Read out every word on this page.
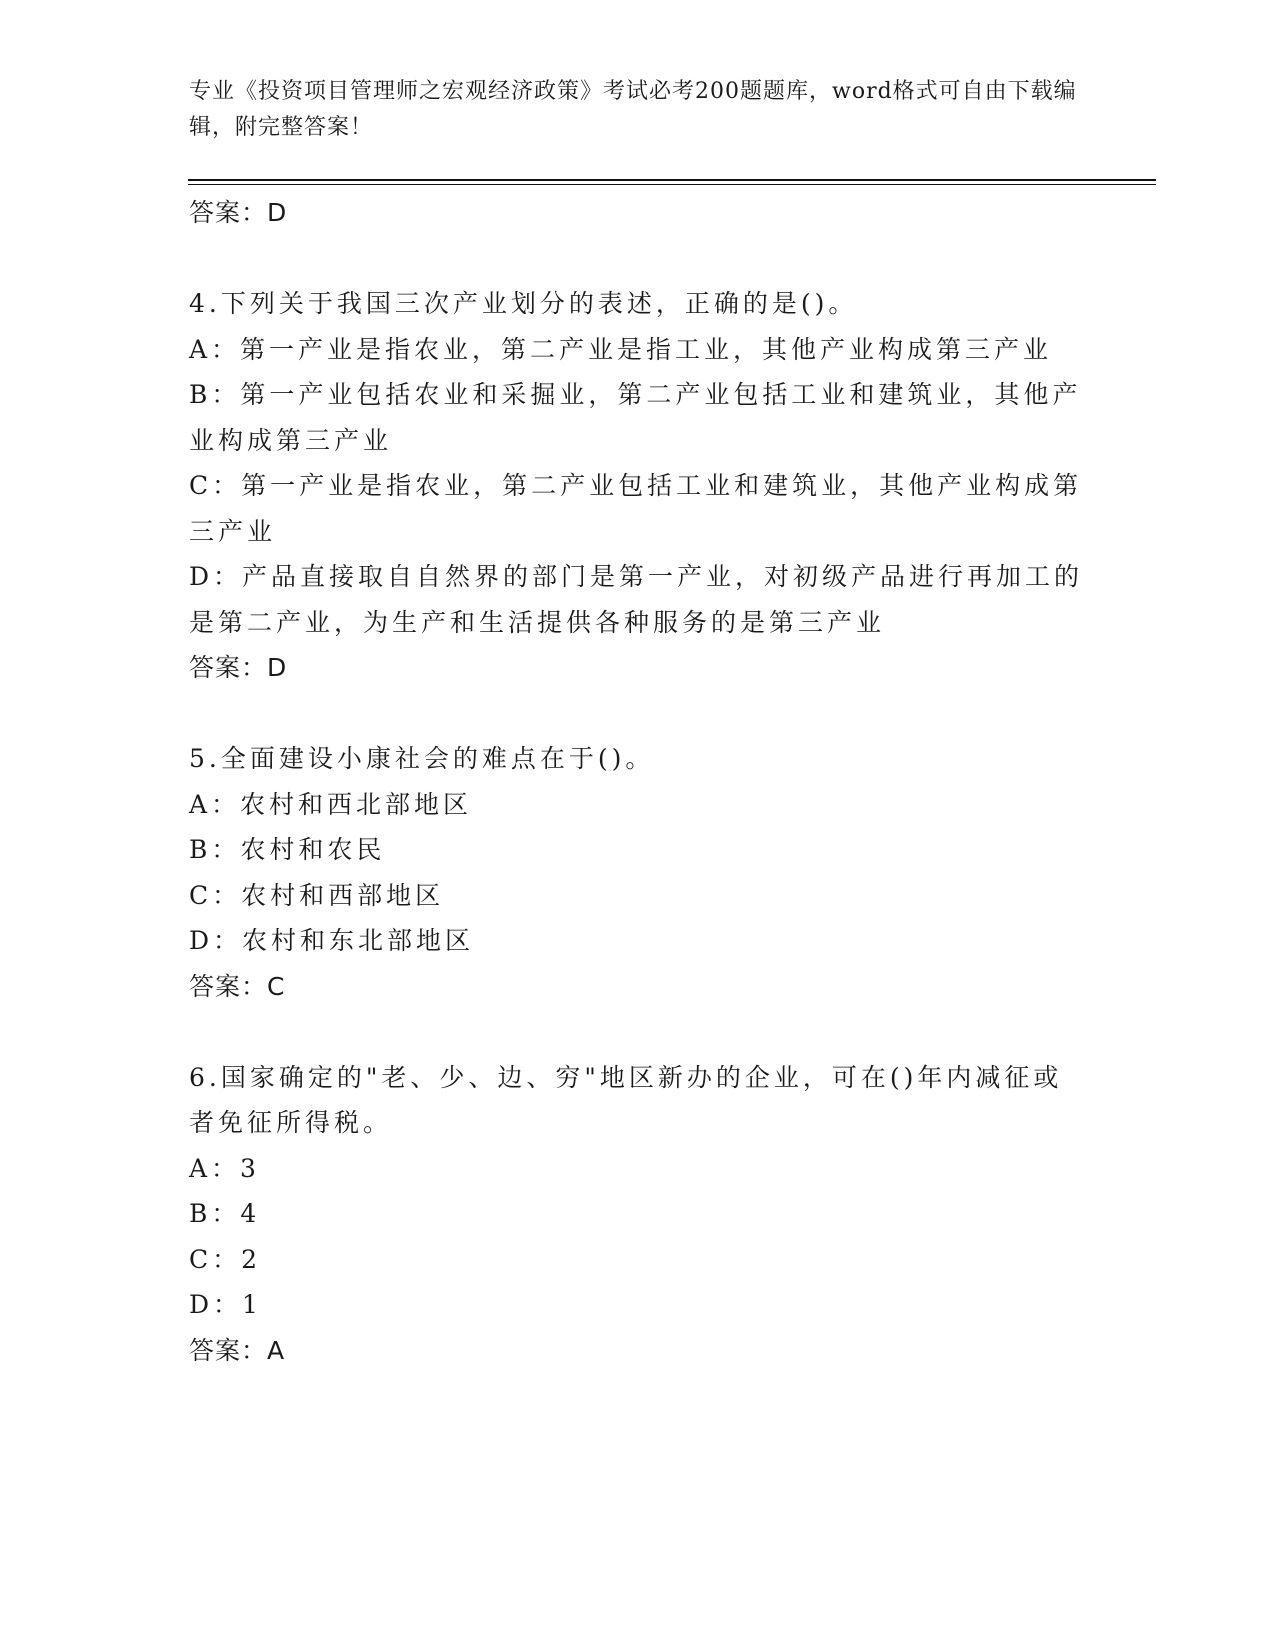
专业《投资项目管理师之宏观经济政策》考试必考200题题库，word格式可自由下载编辑，附完整答案！
答案：D
4.下列关于我国三次产业划分的表述，正确的是()。
A：第一产业是指农业，第二产业是指工业，其他产业构成第三产业
B：第一产业包括农业和采掘业，第二产业包括工业和建筑业，其他产
业构成第三产业
C：第一产业是指农业，第二产业包括工业和建筑业，其他产业构成第
三产业
D：产品直接取自自然界的部门是第一产业，对初级产品进行再加工的
是第二产业，为生产和生活提供各种服务的是第三产业
答案：D
5.全面建设小康社会的难点在于()。
A：农村和西北部地区
B：农村和农民
C：农村和西部地区
D：农村和东北部地区
答案：C
6.国家确定的"老、少、边、穷"地区新办的企业，可在()年内减征或
者免征所得税。
A：3
B：4
C：2
D：1
答案：A
